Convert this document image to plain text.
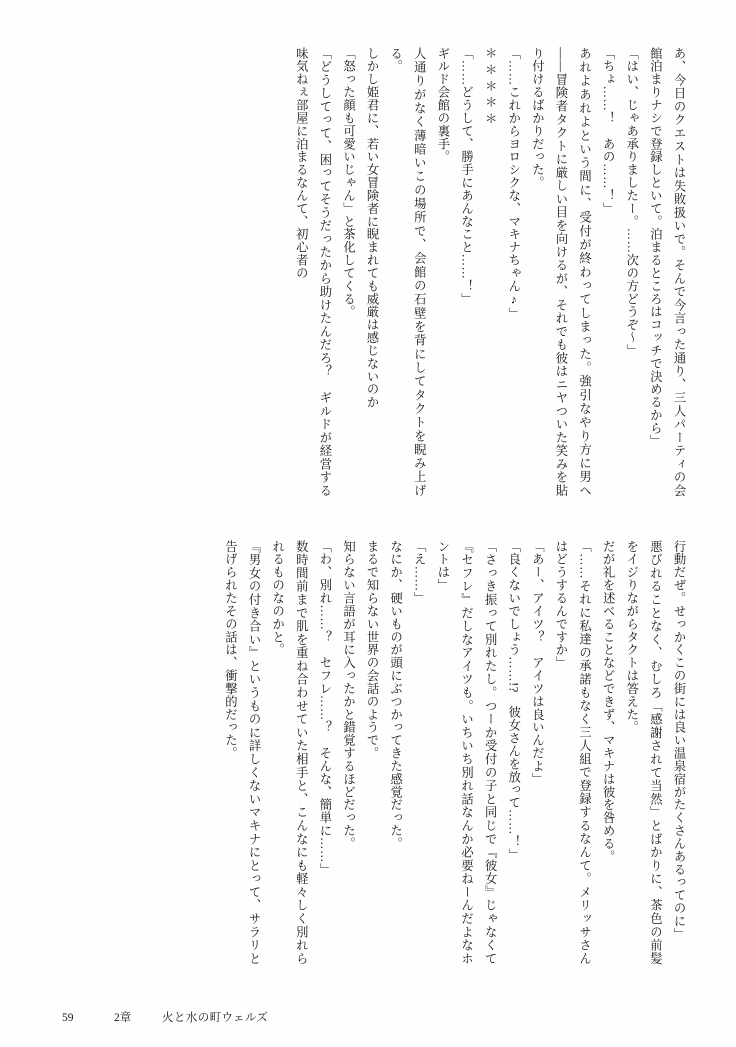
あ、今日のクエストは失敗扱いで。そんで今言った通り、三人パーティの会館泊まりナシで登録しといて。泊まるところはコッチで決めるから」

「はい、じゃあ承りましたー。……次の方どうぞ～」

「ちょ……！　あの……！」

あれよあれよという間に、受付が終わってしまった。強引なやり方に男へ――冒険者タクトに厳しい目を向けるが、それでも彼はニヤついた笑みを貼り付けるばかりだった。

「……これからヨロシクな、マキナちゃん♪」

＊＊＊＊＊

「……どうして、勝手にあんなこと……！」

ギルド会館の裏手。

人通りがなく薄暗いこの場所で、会館の石壁を背にしてタクトを睨み上げる。

しかし姫君に、若い女冒険者に睨まれても威厳は感じないのか

「怒った顔も可愛いじゃん」と茶化してくる。

「どうしてって、困ってそうだったから助けたんだろ？　ギルドが経営する味気ねぇ部屋に泊まるなんて、初心者の

行動だぜ。せっかくこの街には良い温泉宿がたくさんあるってのに」

悪びれることなく、むしろ「感謝されて当然」とばかりに、茶色の前髪をイジりながらタクトは答えた。

だが礼を述べることなどできず、マキナは彼を咎める。

「……それに私達の承諾もなく三人組で登録するなんて。メリッサさんはどうするんですか」

「あー、アイツ？　アイツは良いんだよ」

「良くないでしょう……!?　彼女さんを放って……！」

「さっき振って別れたし。つーか受付の子と同じで『彼女』じゃなくて『セフレ』だしなアイツも。いちいち別れ話なんか必要ねーんだよなホントは」

「え……」

なにか、硬いものが頭にぶつかってきた感覚だった。

まるで知らない世界の会話のようで。

知らない言語が耳に入ったかと錯覚するほどだった。

「わ、別れ……？　セフレ……？　そんな、簡単に……」

数時間前まで肌を重ね合わせていた相手と、こんなにも軽々しく別れられるものなのかと。

『男女の付き合い』というものに詳しくないマキナにとって、サラリと告げられたその話は、衝撃的だった。

59	2章	火と水の町ウェルズ
